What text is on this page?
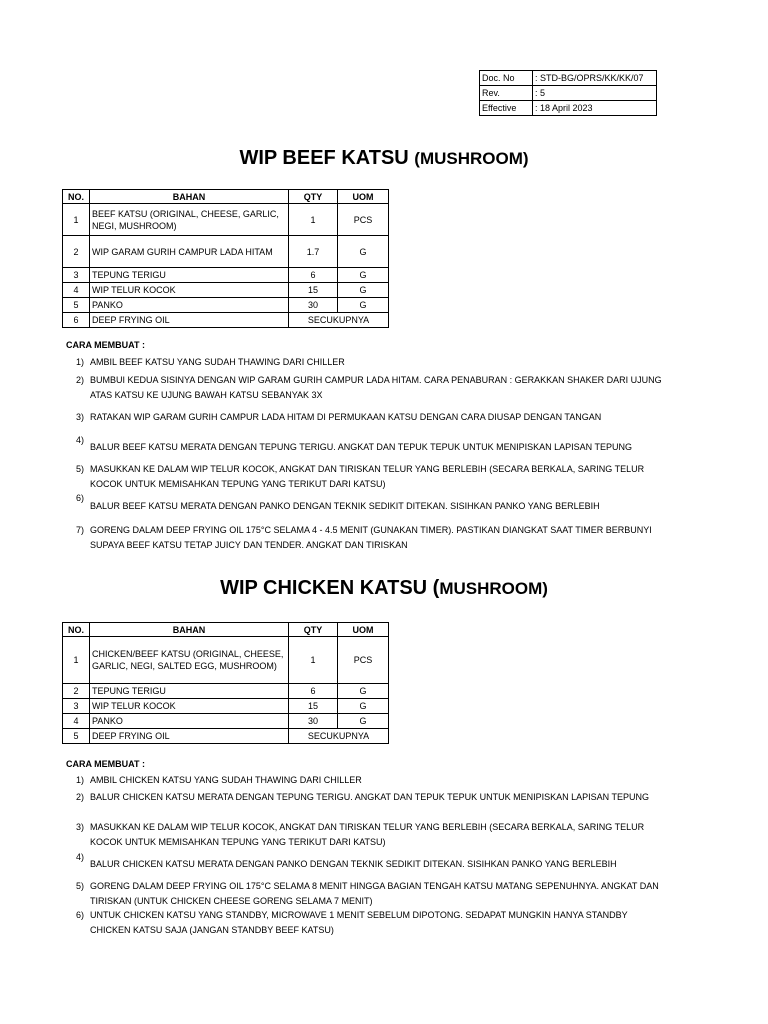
Doc. No	: STD-BG/OPRS/KK/KK/07
Rev.	: 5
Effective	: 18 April 2023
WIP BEEF KATSU (MUSHROOM)
NO.	BAHAN	QTY	UOM
1	BEEF KATSU (ORIGINAL, CHEESE, GARLIC, NEGI, MUSHROOM)	1	PCS
2	WIP GARAM GURIH CAMPUR LADA HITAM	1.7	G
3	TEPUNG TERIGU	6	G
4	WIP TELUR KOCOK	15	G
5	PANKO	30	G
6	DEEP FRYING OIL	SECUKUPNYA	
CARA MEMBUAT :
1) AMBIL BEEF KATSU YANG SUDAH THAWING DARI CHILLER
2) BUMBUI KEDUA SISINYA DENGAN WIP GARAM GURIH CAMPUR LADA HITAM. CARA PENABURAN : GERAKKAN SHAKER DARI UJUNG ATAS KATSU KE UJUNG BAWAH KATSU SEBANYAK 3X
3) RATAKAN WIP GARAM GURIH CAMPUR LADA HITAM DI PERMUKAAN KATSU DENGAN CARA DIUSAP DENGAN TANGAN
4)
BALUR BEEF KATSU MERATA DENGAN TEPUNG TERIGU. ANGKAT DAN TEPUK TEPUK UNTUK MENIPISKAN LAPISAN TEPUNG
5) MASUKKAN KE DALAM WIP TELUR KOCOK, ANGKAT DAN TIRISKAN TELUR YANG BERLEBIH (SECARA BERKALA, SARING TELUR KOCOK UNTUK MEMISAHKAN TEPUNG YANG TERIKUT DARI KATSU)
6)
BALUR BEEF KATSU MERATA DENGAN PANKO DENGAN TEKNIK SEDIKIT DITEKAN. SISIHKAN PANKO YANG BERLEBIH
7) GORENG DALAM DEEP FRYING OIL 175°C SELAMA 4 - 4.5 MENIT (GUNAKAN TIMER). PASTIKAN DIANGKAT SAAT TIMER BERBUNYI SUPAYA BEEF KATSU TETAP JUICY DAN TENDER. ANGKAT DAN TIRISKAN
WIP CHICKEN KATSU (MUSHROOM)
NO.	BAHAN	QTY	UOM
1	CHICKEN/BEEF KATSU (ORIGINAL, CHEESE, GARLIC, NEGI, SALTED EGG, MUSHROOM)	1	PCS
2	TEPUNG TERIGU	6	G
3	WIP TELUR KOCOK	15	G
4	PANKO	30	G
5	DEEP FRYING OIL	SECUKUPNYA	
CARA MEMBUAT :
1) AMBIL CHICKEN KATSU YANG SUDAH THAWING DARI CHILLER
2) BALUR CHICKEN KATSU MERATA DENGAN TEPUNG TERIGU. ANGKAT DAN TEPUK TEPUK UNTUK MENIPISKAN LAPISAN TEPUNG
3) MASUKKAN KE DALAM WIP TELUR KOCOK, ANGKAT DAN TIRISKAN TELUR YANG BERLEBIH (SECARA BERKALA, SARING TELUR KOCOK UNTUK MEMISAHKAN TEPUNG YANG TERIKUT DARI KATSU)
4)
BALUR CHICKEN KATSU MERATA DENGAN PANKO DENGAN TEKNIK SEDIKIT DITEKAN. SISIHKAN PANKO YANG BERLEBIH
5) GORENG DALAM DEEP FRYING OIL 175°C SELAMA 8 MENIT HINGGA BAGIAN TENGAH KATSU MATANG SEPENUHNYA. ANGKAT DAN TIRISKAN (UNTUK CHICKEN CHEESE GORENG SELAMA 7 MENIT)
6) UNTUK CHICKEN KATSU YANG STANDBY, MICROWAVE 1 MENIT SEBELUM DIPOTONG. SEDAPAT MUNGKIN HANYA STANDBY CHICKEN KATSU SAJA (JANGAN STANDBY BEEF KATSU)
